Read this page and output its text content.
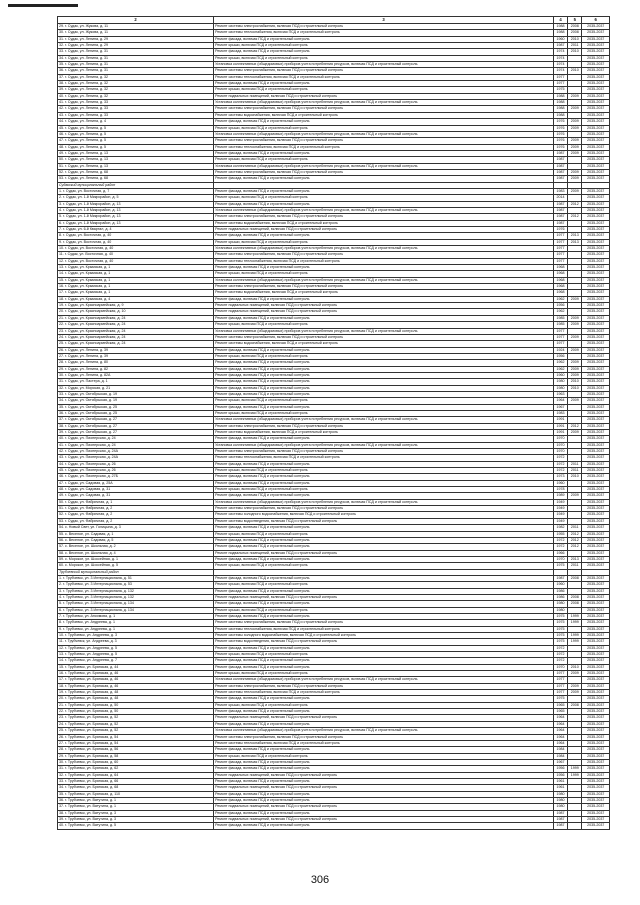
2	3	4	5	6
29. г. Судак, ул. Жукова, д. 11	Ремонт системы электроснабжения, включая ПСД и строительный контроль	1988	2008	2035-2037
30. г. Судак, ул. Жукова, д. 11	Ремонт системы теплоснабжения, включая ПСД и строительный контроль	1988	2008	2035-2037
31. г. Судак, ул. Ленина, д. 29	Ремонт фасада, включая ПСД и строительный контроль	1960	2010	2035-2037
32. г. Судак, ул. Ленина, д. 29	Ремонт крыши, включая ПСД и строительный контроль	1987	2011	2035-2037
33. г. Судак, ул. Ленина, д. 31	Ремонт фасада, включая ПСД и строительный контроль	1974	2010	2035-2037
34. г. Судак, ул. Ленина, д. 31	Ремонт крыши, включая ПСД и строительный контроль	1974		2035-2037
35. г. Судак, ул. Ленина, д. 31	Установка коллективных (общедомовых) приборов учета потребления ресурсов, включая ПСД и строительный контроль	1974		2035-2037
36. г. Судак, ул. Ленина, д. 31	Ремонт системы электроснабжения, включая ПСД и строительный контроль	1974	2010	2035-2037
37. г. Судак, ул. Ленина, д. 32	Ремонт системы теплоснабжения, включая ПСД и строительный контроль	1977		2035-2037
38. г. Судак, ул. Ленина, д. 32	Ремонт фасада, включая ПСД и строительный контроль	1977		2035-2037
39. г. Судак, ул. Ленина, д. 32	Ремонт крыши, включая ПСД и строительный контроль	1975		2035-2037
40. г. Судак, ул. Ленина, д. 32	Ремонт подвальных помещений, включая ПСД и строительный контроль	1988	2009	2035-2037
41. г. Судак, ул. Ленина, д. 33	Установка коллективных (общедомовых) приборов учета потребления ресурсов, включая ПСД и строительный контроль	1988		2035-2037
42. г. Судак, ул. Ленина, д. 33	Ремонт системы электроснабжения, включая ПСД и строительный контроль	1988	2009	2035-2037
43. г. Судак, ул. Ленина, д. 33	Ремонт системы водоснабжения, включая ПСД и строительный контроль	1988		2035-2037
44. г. Судак, ул. Ленина, д. 4	Ремонт фасада, включая ПСД и строительный контроль	1976	2009	2035-2037
45. г. Судак, ул. Ленина, д. 5	Ремонт крыши, включая ПСД и строительный контроль	1976	2009	2035-2037
46. г. Судак, ул. Ленина, д. 5	Установка коллективных (общедомовых) приборов учета потребления ресурсов, включая ПСД и строительный контроль	1976		2035-2037
47. г. Судак, ул. Ленина, д. 5	Ремонт системы электроснабжения, включая ПСД и строительный контроль	1976	2009	2035-2037
48. г. Судак, ул. Ленина, д. 5	Ремонт системы теплоснабжения, включая ПСД и строительный контроль	1976	2009	2035-2037
49. г. Судак, ул. Ленина, д. 13	Ремонт фасада, включая ПСД и строительный контроль	1987	2009	2035-2037
50. г. Судак, ул. Ленина, д. 13	Ремонт крыши, включая ПСД и строительный контроль	1987		2035-2037
51. г. Судак, ул. Ленина, д. 13	Установка коллективных (общедомовых) приборов учета потребления ресурсов, включая ПСД и строительный контроль	1987		2035-2037
52. г. Судак, ул. Ленина, д. 68	Ремонт системы электроснабжения, включая ПСД и строительный контроль	1987	2009	2035-2037
53. г. Судак, ул. Ленина, д. 68	Ремонт фасада, включая ПСД и строительный контроль	1987	2009	2035-2037
Судакский муниципальный район				
1. г. Судак, ул. Восточная, д. 7	Ремонт фасада, включая ПСД и строительный контроль	1983	2009	2035-2037
2. г. Судак, ул. 1-й Микрорайон, д. 5	Ремонт крыши, включая ПСД и строительный контроль	2014		2035-2037
3. г. Судак, ул. 1-й Микрорайон, д. 13	Ремонт фасада, включая ПСД и строительный контроль	1987	2012	2035-2037
4. г. Судак, ул. 1-й Микрорайон, д. 13	Установка коллективных (общедомовых) приборов учета потребления ресурсов, включая ПСД и строительный контроль	1987		2035-2037
5. г. Судак, ул. 1-й Микрорайон, д. 13	Ремонт системы электроснабжения, включая ПСД и строительный контроль	1987	2012	2035-2037
6. г. Судак, ул. 1-й Микрорайон, д. 13	Ремонт системы водоснабжения, включая ПСД и строительный контроль	1987		2035-2037
7. г. Судак, ул. 6-й Квартал, д. 4	Ремонт подвальных помещений, включая ПСД и строительный контроль	1976		2035-2037
8. г. Судак, ул. Восточная, д. 40	Ремонт фасада, включая ПСД и строительный контроль	1977	2013	2035-2037
9. г. Судак, ул. Восточная, д. 40	Ремонт крыши, включая ПСД и строительный контроль	1977	2013	2035-2037
10. г. Судак, ул. Восточная, д. 40	Установка коллективных (общедомовых) приборов учета потребления ресурсов, включая ПСД и строительный контроль	1977		2035-2037
11. г. Судак, ул. Восточная, д. 40	Ремонт системы электроснабжения, включая ПСД и строительный контроль	1977		2035-2037
12. г. Судак, ул. Восточная, д. 40	Ремонт системы теплоснабжения, включая ПСД и строительный контроль	1977		2035-2037
13. г. Судак, ул. Крымская, д. 1	Ремонт фасада, включая ПСД и строительный контроль	1968		2035-2037
14. г. Судак, ул. Крымская, д. 1	Ремонт крыши, включая ПСД и строительный контроль	1968		2035-2037
15. г. Судак, ул. Крымская, д. 1	Установка коллективных (общедомовых) приборов учета потребления ресурсов, включая ПСД и строительный контроль	1968		2035-2037
16. г. Судак, ул. Крымская, д. 1	Ремонт системы электроснабжения, включая ПСД и строительный контроль	1968		2035-2037
17. г. Судак, ул. Крымская, д. 1	Ремонт системы водоснабжения, включая ПСД и строительный контроль	1968		2035-2037
18. г. Судак, ул. Крымская, д. 4	Ремонт фасада, включая ПСД и строительный контроль	1962	2009	2035-2037
19. г. Судак, ул. Красноармейская, д. 9	Ремонт подвальных помещений, включая ПСД и строительный контроль	1956		2035-2037
20. г. Судак, ул. Красноармейская, д. 10	Ремонт подвальных помещений, включая ПСД и строительный контроль	1962		2035-2037
21. г. Судак, ул. Красноармейская, д. 24	Ремонт фасада, включая ПСД и строительный контроль	1985	2009	2035-2037
22. г. Судак, ул. Красноармейская, д. 24	Ремонт крыши, включая ПСД и строительный контроль	1985	2009	2035-2037
23. г. Судак, ул. Красноармейская, д. 24	Установка коллективных (общедомовых) приборов учета потребления ресурсов, включая ПСД и строительный контроль	1977		2035-2037
24. г. Судак, ул. Красноармейская, д. 24	Ремонт системы электроснабжения, включая ПСД и строительный контроль	1977	2009	2035-2037
25. г. Судак, ул. Красноармейская, д. 24	Ремонт системы водоснабжения, включая ПСД и строительный контроль	1977		2035-2037
26. г. Судак, ул. Ленина, д. 39	Ремонт фасада, включая ПСД и строительный контроль	1924	2009	2035-2037
27. г. Судак, ул. Ленина, д. 39	Ремонт крыши, включая ПСД и строительный контроль	1956		2035-2037
28. г. Судак, ул. Ленина, д. 80	Ремонт фасада, включая ПСД и строительный контроль	1962	2009	2035-2037
29. г. Судак, ул. Ленина, д. 82	Ремонт фасада, включая ПСД и строительный контроль	1962	2009	2035-2037
30. г. Судак, ул. Ленина, д. 82А	Ремонт фасада, включая ПСД и строительный контроль	1960	2009	2035-2037
31. г. Судак, ул. Пастера, д. 1	Ремонт фасада, включая ПСД и строительный контроль	1980	2010	2035-2037
32. г. Судак, ул. Морская, д. 21	Ремонт фасада, включая ПСД и строительный контроль	1980	2010	2035-2037
33. г. Судак, ул. Октябрьская, д. 19	Ремонт фасада, включая ПСД и строительный контроль	1963		2035-2037
34. г. Судак, ул. Октябрьская, д. 19	Ремонт крыши, включая ПСД и строительный контроль	1964	2009	2035-2037
35. г. Судак, ул. Октябрьская, д. 25	Ремонт фасада, включая ПСД и строительный контроль	1967		2035-2037
36. г. Судак, ул. Октябрьская, д. 25	Ремонт крыши, включая ПСД и строительный контроль	1983		2035-2037
37. г. Судак, ул. Октябрьская, д. 27	Установка коллективных (общедомовых) приборов учета потребления ресурсов, включая ПСД и строительный контроль	1991		2035-2037
38. г. Судак, ул. Октябрьская, д. 27	Ремонт системы электроснабжения, включая ПСД и строительный контроль	1991	2012	2035-2037
39. г. Судак, ул. Октябрьская, д. 27	Ремонт системы водоснабжения, включая ПСД и строительный контроль	1991	2009	2035-2037
40. г. Судак, ул. Пионерская, д. 24	Ремонт фасада, включая ПСД и строительный контроль	1970		2035-2037
41. г. Судак, ул. Пионерская, д. 24	Установка коллективных (общедомовых) приборов учета потребления ресурсов, включая ПСД и строительный контроль	1970		2035-2037
42. г. Судак, ул. Пионерская, д. 24А	Ремонт системы электроснабжения, включая ПСД и строительный контроль	1970		2035-2037
43. г. Судак, ул. Пионерская, д. 24А	Ремонт системы теплоснабжения, включая ПСД и строительный контроль	1972		2035-2037
44. г. Судак, ул. Пионерская, д. 26	Ремонт фасада, включая ПСД и строительный контроль	1972	2011	2035-2037
45. г. Судак, ул. Пионерская, д. 26	Ремонт крыши, включая ПСД и строительный контроль	1972	2011	2035-2037
46. г. Судак, ул. Пионерская, д. 27Б	Ремонт фасада, включая ПСД и строительный контроль	1973	2010	2035-2037
47. г. Судак, ул. Садовая, д. 25А	Ремонт фасада, включая ПСД и строительный контроль	1960		2035-2037
48. г. Судак, ул. Садовая, д. 31	Ремонт крыши, включая ПСД и строительный контроль	1978		2035-2037
49. г. Судак, ул. Садовая, д. 31	Ремонт фасада, включая ПСД и строительный контроль	1989	2009	2035-2037
50. г. Судак, ул. Фабричная, д. 1	Установка коллективных (общедомовых) приборов учета потребления ресурсов, включая ПСД и строительный контроль	1949		2035-2037
51. г. Судак, ул. Фабричная, д. 2	Ремонт системы электроснабжения, включая ПСД и строительный контроль	1949		2035-2037
52. г. Судак, ул. Фабричная, д. 2	Ремонт системы холодного водоснабжения, включая ПСД и строительный контроль	1949		2035-2037
53. г. Судак, ул. Фабричная, д. 2	Ремонт системы водоотведения, включая ПСД и строительный контроль	1949		2035-2037
54. с. Новый Свет, ул. Голицына, д. 3	Ремонт фасада, включая ПСД и строительный контроль	1982	2011	2035-2037
55. с. Веселое, ул. Садовая, д. 1	Ремонт крыши, включая ПСД и строительный контроль	1955	2012	2035-2037
56. с. Веселое, ул. Садовая, д. 5	Ремонт фасада, включая ПСД и строительный контроль	1972	2012	2035-2037
57. с. Веселое, ул. Школьная, д. 2	Ремонт фасада, включая ПСД и строительный контроль	1972	2012	2035-2037
58. с. Веселое, ул. Школьная, д. 4	Ремонт подвальных помещений, включая ПСД и строительный контроль	1966		2035-2037
59. с. Морское, ул. Шоссейная, д. 1	Ремонт фасада, включая ПСД и строительный контроль	1970	2013	2035-2037
60. с. Морское, ул. Шоссейная, д. 5	Ремонт крыши, включая ПСД и строительный контроль	1975	2011	2035-2037
Трубчевский муниципальный район				
1. г. Трубчевск, ул. 3 Интернационала, д. 51	Ремонт фасада, включая ПСД и строительный контроль	1987	2008	2035-2037
2. г. Трубчевск, ул. 3 Интернационала, д. 53	Ремонт крыши, включая ПСД и строительный контроль	1960		2035-2037
3. г. Трубчевск, ул. 3 Интернационала, д. 132	Ремонт фасада, включая ПСД и строительный контроль	1986		2035-2037
4. г. Трубчевск, ул. 3 Интернационала, д. 132	Ремонт подвальных помещений, включая ПСД и строительный контроль	1986	2008	2035-2037
5. г. Трубчевск, ул. 3 Интернационала, д. 134	Ремонт фасада, включая ПСД и строительный контроль	1980	2008	2035-2037
6. г. Трубчевск, ул. 3 Интернационала, д. 134	Ремонт крыши, включая ПСД и строительный контроль	1980		2035-2037
7. г. Трубчевск, ул. Ансимова, д. 1	Ремонт фасада, включая ПСД и строительный контроль	1975	1999	2035-2037
8. г. Трубчевск, ул. Андреева, д. 1	Ремонт системы электроснабжения, включая ПСД и строительный контроль	1975	1999	2035-2037
9. г. Трубчевск, ул. Андреева, д. 1	Ремонт системы теплоснабжения, включая ПСД и строительный контроль	1975		2035-2037
10. г. Трубчевск, ул. Андреева, д. 3	Ремонт системы холодного водоснабжения, включая ПСД и строительный контроль	1975	1999	2035-2037
11. г. Трубчевск, ул. Андреева, д. 3	Ремонт системы водоотведения, включая ПСД и строительный контроль	1975	1999	2035-2037
12. г. Трубчевск, ул. Андреева, д. 5	Ремонт фасада, включая ПСД и строительный контроль	1972		2035-2037
13. г. Трубчевск, ул. Андреева, д. 5	Ремонт крыши, включая ПСД и строительный контроль	1972		2035-2037
14. г. Трубчевск, ул. Андреева, д. 7	Ремонт фасада, включая ПСД и строительный контроль	1972		2035-2037
15. г. Трубчевск, ул. Брянская, д. 44	Ремонт фасада, включая ПСД и строительный контроль	1970	2010	2035-2037
16. г. Трубчевск, ул. Брянская, д. 46	Ремонт крыши, включая ПСД и строительный контроль	1977	2009	2035-2037
17. г. Трубчевск, ул. Брянская, д. 46	Установка коллективных (общедомовых) приборов учета потребления ресурсов, включая ПСД и строительный контроль	1977		2035-2037
18. г. Трубчевск, ул. Брянская, д. 46	Ремонт системы электроснабжения, включая ПСД и строительный контроль	1977	2009	2035-2037
19. г. Трубчевск, ул. Брянская, д. 48	Ремонт системы теплоснабжения, включая ПСД и строительный контроль	1977	2009	2035-2037
20. г. Трубчевск, ул. Брянская, д. 48	Ремонт фасада, включая ПСД и строительный контроль	1975		2035-2037
21. г. Трубчевск, ул. Брянская, д. 50	Ремонт крыши, включая ПСД и строительный контроль	1965	2008	2035-2037
22. г. Трубчевск, ул. Брянская, д. 50	Ремонт фасада, включая ПСД и строительный контроль	1965		2035-2037
23. г. Трубчевск, ул. Брянская, д. 52	Ремонт подвальных помещений, включая ПСД и строительный контроль	1964		2035-2037
24. г. Трубчевск, ул. Брянская, д. 52	Ремонт фасада, включая ПСД и строительный контроль	1964		2035-2037
25. г. Трубчевск, ул. Брянская, д. 52	Установка коллективных (общедомовых) приборов учета потребления ресурсов, включая ПСД и строительный контроль	1964		2035-2037
26. г. Трубчевск, ул. Брянская, д. 54	Ремонт системы электроснабжения, включая ПСД и строительный контроль	1964		2035-2037
27. г. Трубчевск, ул. Брянская, д. 54	Ремонт системы теплоснабжения, включая ПСД и строительный контроль	1964		2035-2037
28. г. Трубчевск, ул. Брянская, д. 56	Ремонт фасада, включая ПСД и строительный контроль	1984		2035-2037
29. г. Трубчевск, ул. Брянская, д. 58	Ремонт крыши, включая ПСД и строительный контроль	1984		2035-2037
30. г. Трубчевск, ул. Брянская, д. 60	Ремонт фасада, включая ПСД и строительный контроль	1967		2035-2037
31. г. Трубчевск, ул. Брянская, д. 62	Ремонт фасада, включая ПСД и строительный контроль	1956	1999	2035-2037
32. г. Трубчевск, ул. Брянская, д. 64	Ремонт подвальных помещений, включая ПСД и строительный контроль	1956	1999	2035-2037
33. г. Трубчевск, ул. Брянская, д. 66	Ремонт фасада, включая ПСД и строительный контроль	1961		2035-2037
34. г. Трубчевск, ул. Брянская, д. 68	Ремонт подвальных помещений, включая ПСД и строительный контроль	1961		2035-2037
35. г. Трубчевск, ул. Брянская, д. 110	Ремонт фасада, включая ПСД и строительный контроль	1980		2035-2037
36. г. Трубчевск, ул. Ватутина, д. 1	Ремонт фасада, включая ПСД и строительный контроль	1980		2035-2037
37. г. Трубчевск, ул. Ватутина, д. 1	Ремонт подвальных помещений, включая ПСД и строительный контроль	1980		2035-2037
38. г. Трубчевск, ул. Ватутина, д. 3	Ремонт фасада, включая ПСД и строительный контроль	1987		2035-2037
39. г. Трубчевск, ул. Ватутина, д. 3	Ремонт подвальных помещений, включая ПСД и строительный контроль	1987		2035-2037
40. г. Трубчевск, ул. Ватутина, д. 5	Ремонт фасада, включая ПСД и строительный контроль	1987		2035-2037
306
